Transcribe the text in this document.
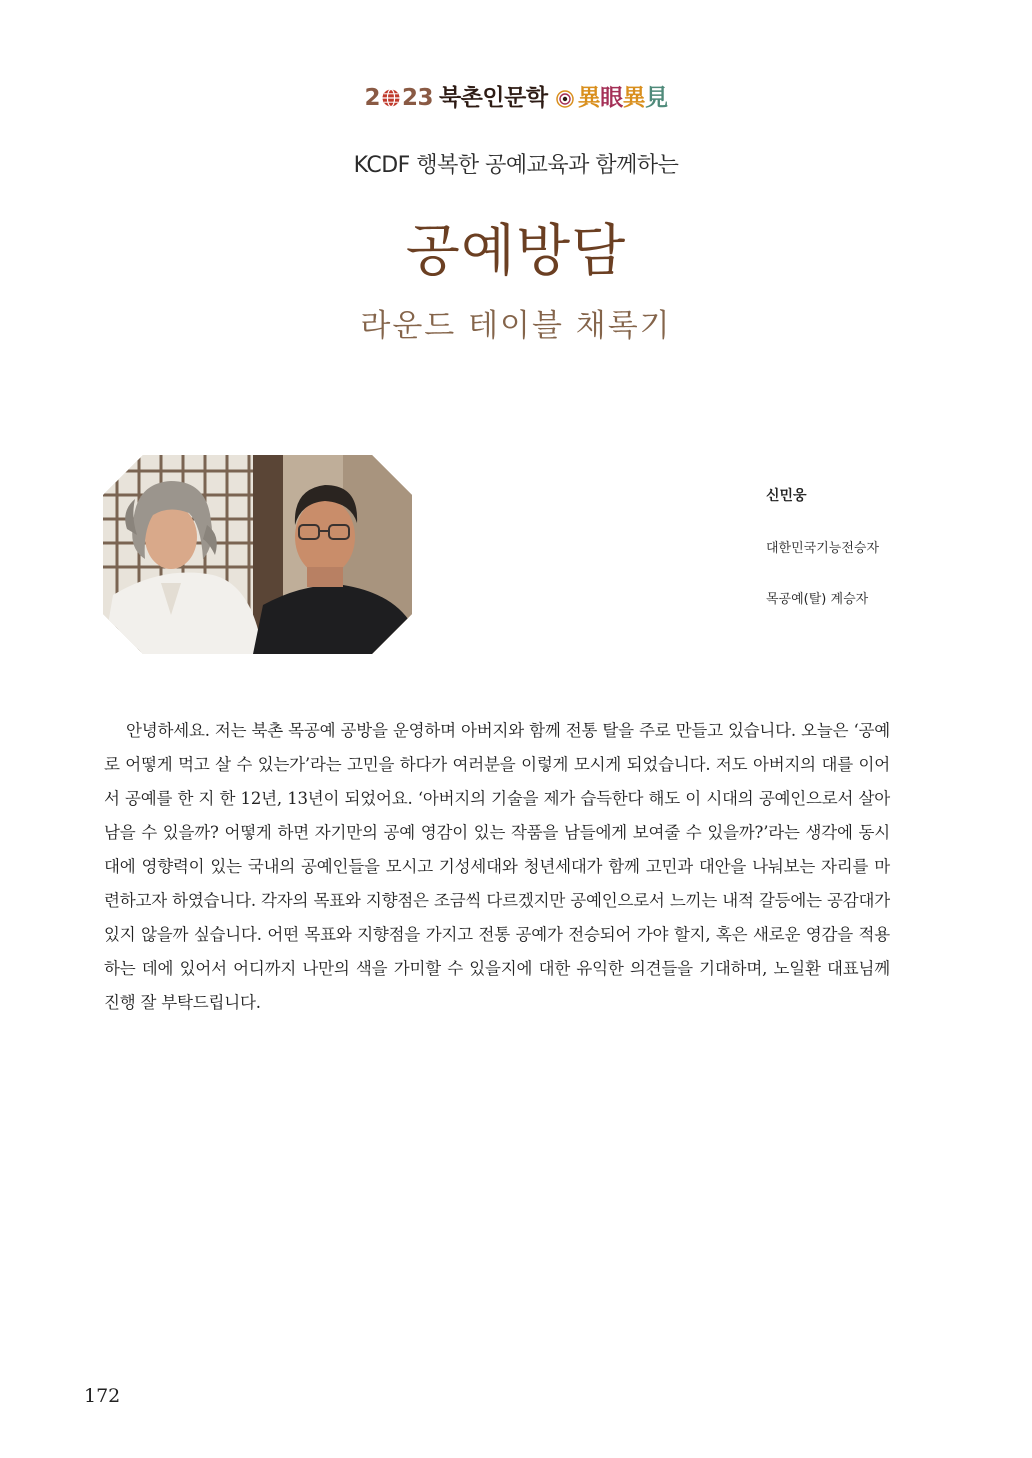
2 23 북촌인문학 異眼異見
KCDF 행복한 공예교육과 함께하는
공예방담
라운드 테이블 채록기

신민웅

대한민국기능전승자

목공예(탈) 계승자

안녕하세요. 저는 북촌 목공예 공방을 운영하며 아버지와 함께 전통 탈을 주로 만들고 있습니다. 오늘은 ‘공예로 어떻게 먹고 살 수 있는가’라는 고민을 하다가 여러분을 이렇게 모시게 되었습니다. 저도 아버지의 대를 이어서 공예를 한 지 한 12년, 13년이 되었어요. ‘아버지의 기술을 제가 습득한다 해도 이 시대의 공예인으로서 살아남을 수 있을까? 어떻게 하면 자기만의 공예 영감이 있는 작품을 남들에게 보여줄 수 있을까?’라는 생각에 동시대에 영향력이 있는 국내의 공예인들을 모시고 기성세대와 청년세대가 함께 고민과 대안을 나눠보는 자리를 마련하고자 하였습니다. 각자의 목표와 지향점은 조금씩 다르겠지만 공예인으로서 느끼는 내적 갈등에는 공감대가 있지 않을까 싶습니다. 어떤 목표와 지향점을 가지고 전통 공예가 전승되어 가야 할지, 혹은 새로운 영감을 적용하는 데에 있어서 어디까지 나만의 색을 가미할 수 있을지에 대한 유익한 의견들을 기대하며, 노일환 대표님께 진행 잘 부탁드립니다.

172
